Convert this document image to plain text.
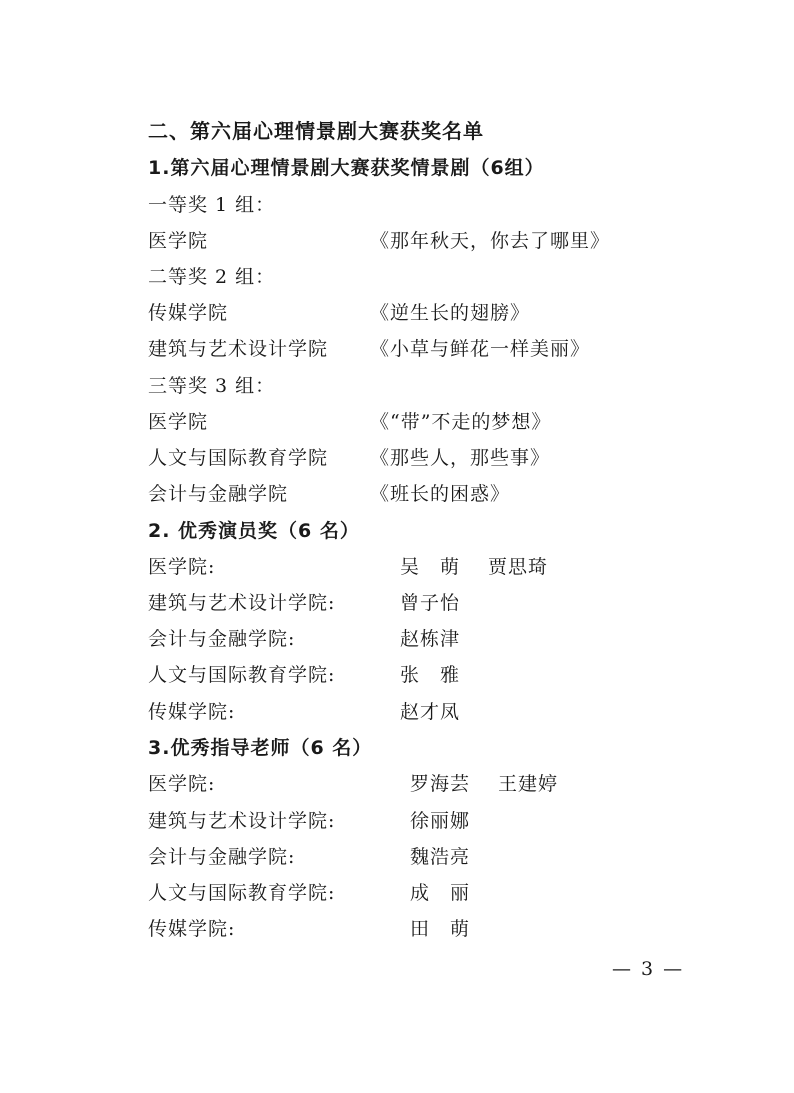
二、第六届心理情景剧大赛获奖名单
1.第六届心理情景剧大赛获奖情景剧（6组）
一等奖 1 组：
医学院	《那年秋天，你去了哪里》
二等奖 2 组：
传媒学院	《逆生长的翅膀》
建筑与艺术设计学院 《小草与鲜花一样美丽》
三等奖 3 组：
医学院	《“带”不走的梦想》
人文与国际教育学院 《那些人，那些事》
会计与金融学院	《班长的困惑》
2. 优秀演员奖（6 名）
医学院:	吴　萌 贾思琦
建筑与艺术设计学院:	曾子怡
会计与金融学院:	赵栋津
人文与国际教育学院:	张　雅
传媒学院:	赵才凤
3.优秀指导老师（6 名）
医学院:	罗海芸 王建婷
建筑与艺术设计学院:	徐丽娜
会计与金融学院:	魏浩亮
人文与国际教育学院:	成　丽
传媒学院:	田　萌
— 3 —
